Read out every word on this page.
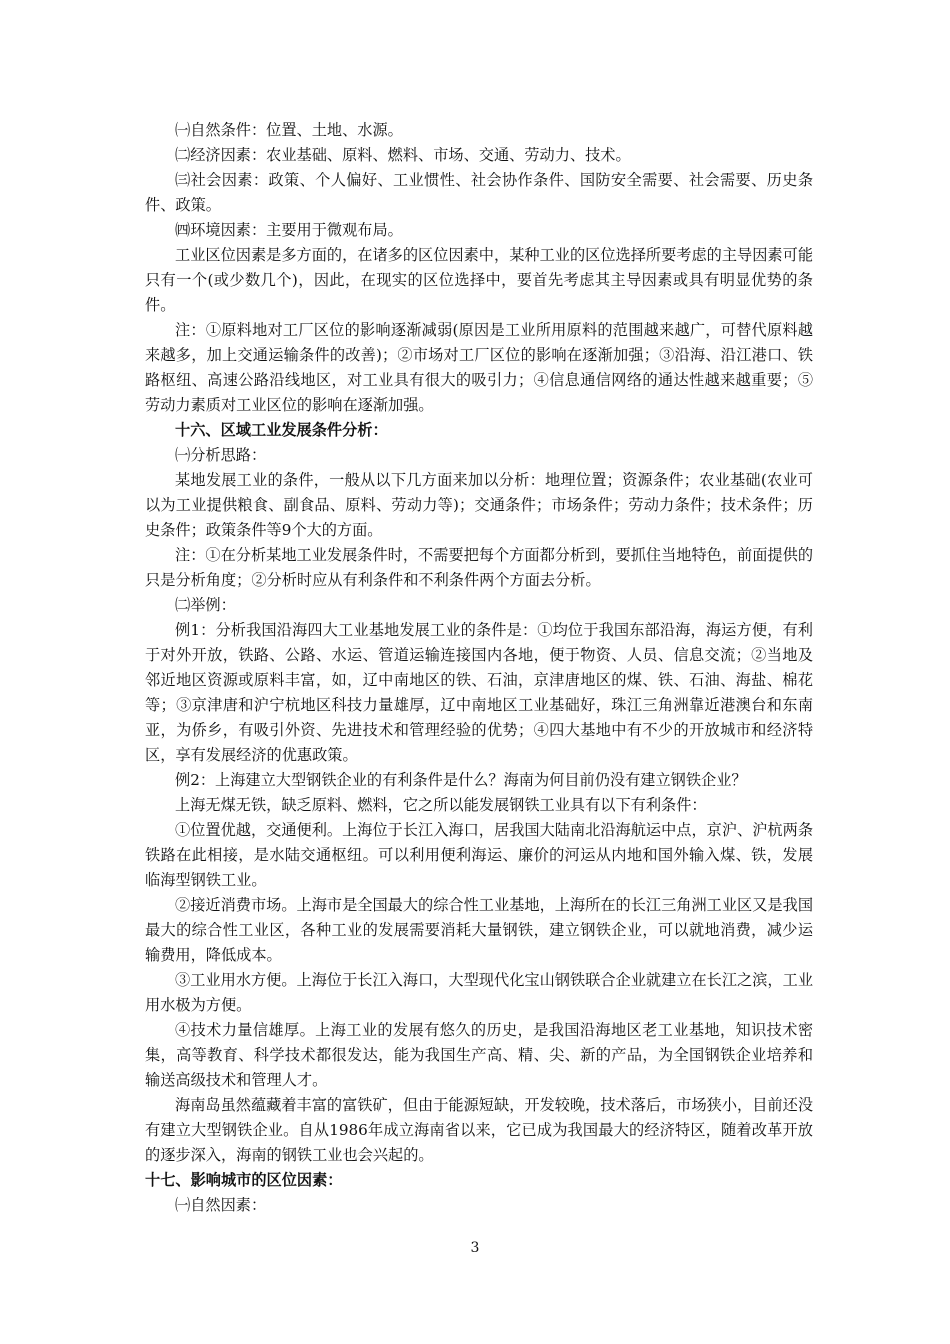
㈠自然条件：位置、土地、水源。

㈡经济因素：农业基础、原料、燃料、市场、交通、劳动力、技术。

㈢社会因素：政策、个人偏好、工业惯性、社会协作条件、国防安全需要、社会需要、历史条件、政策。

㈣环境因素：主要用于微观布局。

工业区位因素是多方面的，在诸多的区位因素中，某种工业的区位选择所要考虑的主导因素可能只有一个(或少数几个)，因此，在现实的区位选择中，要首先考虑其主导因素或具有明显优势的条件。

注：①原料地对工厂区位的影响逐渐减弱(原因是工业所用原料的范围越来越广，可替代原料越来越多，加上交通运输条件的改善)；②市场对工厂区位的影响在逐渐加强；③沿海、沿江港口、铁路枢纽、高速公路沿线地区，对工业具有很大的吸引力；④信息通信网络的通达性越来越重要；⑤劳动力素质对工业区位的影响在逐渐加强。

十六、区域工业发展条件分析：

㈠分析思路：

某地发展工业的条件，一般从以下几方面来加以分析：地理位置；资源条件；农业基础(农业可以为工业提供粮食、副食品、原料、劳动力等)；交通条件；市场条件；劳动力条件；技术条件；历史条件；政策条件等9个大的方面。

注：①在分析某地工业发展条件时，不需要把每个方面都分析到，要抓住当地特色，前面提供的只是分析角度；②分析时应从有利条件和不利条件两个方面去分析。

㈡举例：

例1：分析我国沿海四大工业基地发展工业的条件是：①均位于我国东部沿海，海运方便，有利于对外开放，铁路、公路、水运、管道运输连接国内各地，便于物资、人员、信息交流；②当地及邻近地区资源或原料丰富，如，辽中南地区的铁、石油，京津唐地区的煤、铁、石油、海盐、棉花等；③京津唐和沪宁杭地区科技力量雄厚，辽中南地区工业基础好，珠江三角洲靠近港澳台和东南亚，为侨乡，有吸引外资、先进技术和管理经验的优势；④四大基地中有不少的开放城市和经济特区，享有发展经济的优惠政策。

例2：上海建立大型钢铁企业的有利条件是什么？海南为何目前仍没有建立钢铁企业？

上海无煤无铁，缺乏原料、燃料，它之所以能发展钢铁工业具有以下有利条件：

①位置优越，交通便利。上海位于长江入海口，居我国大陆南北沿海航运中点，京沪、沪杭两条铁路在此相接，是水陆交通枢纽。可以利用便利海运、廉价的河运从内地和国外输入煤、铁，发展临海型钢铁工业。

②接近消费市场。上海市是全国最大的综合性工业基地，上海所在的长江三角洲工业区又是我国最大的综合性工业区，各种工业的发展需要消耗大量钢铁，建立钢铁企业，可以就地消费，减少运输费用，降低成本。

③工业用水方便。上海位于长江入海口，大型现代化宝山钢铁联合企业就建立在长江之滨，工业用水极为方便。

④技术力量信雄厚。上海工业的发展有悠久的历史，是我国沿海地区老工业基地，知识技术密集，高等教育、科学技术都很发达，能为我国生产高、精、尖、新的产品，为全国钢铁企业培养和输送高级技术和管理人才。

海南岛虽然蕴藏着丰富的富铁矿，但由于能源短缺，开发较晚，技术落后，市场狭小，目前还没有建立大型钢铁企业。自从1986年成立海南省以来，它已成为我国最大的经济特区，随着改革开放的逐步深入，海南的钢铁工业也会兴起的。

十七、影响城市的区位因素：

㈠自然因素：

3
